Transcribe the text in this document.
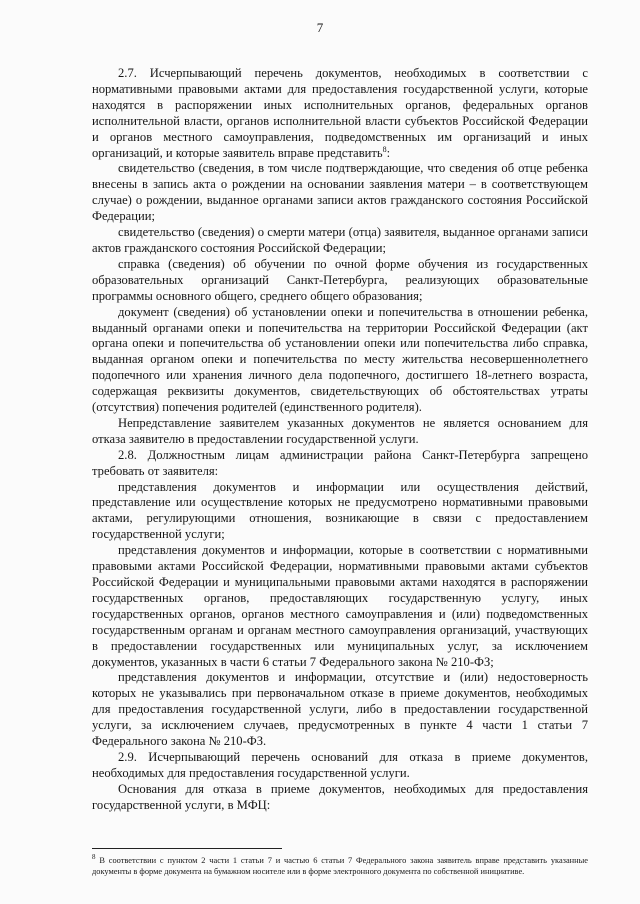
7

2.7. Исчерпывающий перечень документов, необходимых в соответствии с нормативными правовыми актами для предоставления государственной услуги, которые находятся в распоряжении иных исполнительных органов, федеральных органов исполнительной власти, органов исполнительной власти субъектов Российской Федерации и органов местного самоуправления, подведомственных им организаций и иных организаций, и которые заявитель вправе представить$^8$:

свидетельство (сведения, в том числе подтверждающие, что сведения об отце ребенка внесены в запись акта о рождении на основании заявления матери – в соответствующем случае) о рождении, выданное органами записи актов гражданского состояния Российской Федерации;

свидетельство (сведения) о смерти матери (отца) заявителя, выданное органами записи актов гражданского состояния Российской Федерации;

справка (сведения) об обучении по очной форме обучения из государственных образовательных организаций Санкт-Петербурга, реализующих образовательные программы основного общего, среднего общего образования;

документ (сведения) об установлении опеки и попечительства в отношении ребенка, выданный органами опеки и попечительства на территории Российской Федерации (акт органа опеки и попечительства об установлении опеки или попечительства либо справка, выданная органом опеки и попечительства по месту жительства несовершеннолетнего подопечного или хранения личного дела подопечного, достигшего 18-летнего возраста, содержащая реквизиты документов, свидетельствующих об обстоятельствах утраты (отсутствия) попечения родителей (единственного родителя).

Непредставление заявителем указанных документов не является основанием для отказа заявителю в предоставлении государственной услуги.

2.8. Должностным лицам администрации района Санкт-Петербурга запрещено требовать от заявителя:

представления документов и информации или осуществления действий, представление или осуществление которых не предусмотрено нормативными правовыми актами, регулирующими отношения, возникающие в связи с предоставлением государственной услуги;

представления документов и информации, которые в соответствии с нормативными правовыми актами Российской Федерации, нормативными правовыми актами субъектов Российской Федерации и муниципальными правовыми актами находятся в распоряжении государственных органов, предоставляющих государственную услугу, иных государственных органов, органов местного самоуправления и (или) подведомственных государственным органам и органам местного самоуправления организаций, участвующих в предоставлении государственных или муниципальных услуг, за исключением документов, указанных в части 6 статьи 7 Федерального закона № 210-ФЗ;

представления документов и информации, отсутствие и (или) недостоверность которых не указывались при первоначальном отказе в приеме документов, необходимых для предоставления государственной услуги, либо в предоставлении государственной услуги, за исключением случаев, предусмотренных в пункте 4 части 1 статьи 7 Федерального закона № 210-ФЗ.

2.9. Исчерпывающий перечень оснований для отказа в приеме документов, необходимых для предоставления государственной услуги.

Основания для отказа в приеме документов, необходимых для предоставления государственной услуги, в МФЦ:

$^8$ В соответствии с пунктом 2 части 1 статьи 7 и частью 6 статьи 7 Федерального закона заявитель вправе представить указанные документы в форме документа на бумажном носителе или в форме электронного документа по собственной инициативе.
